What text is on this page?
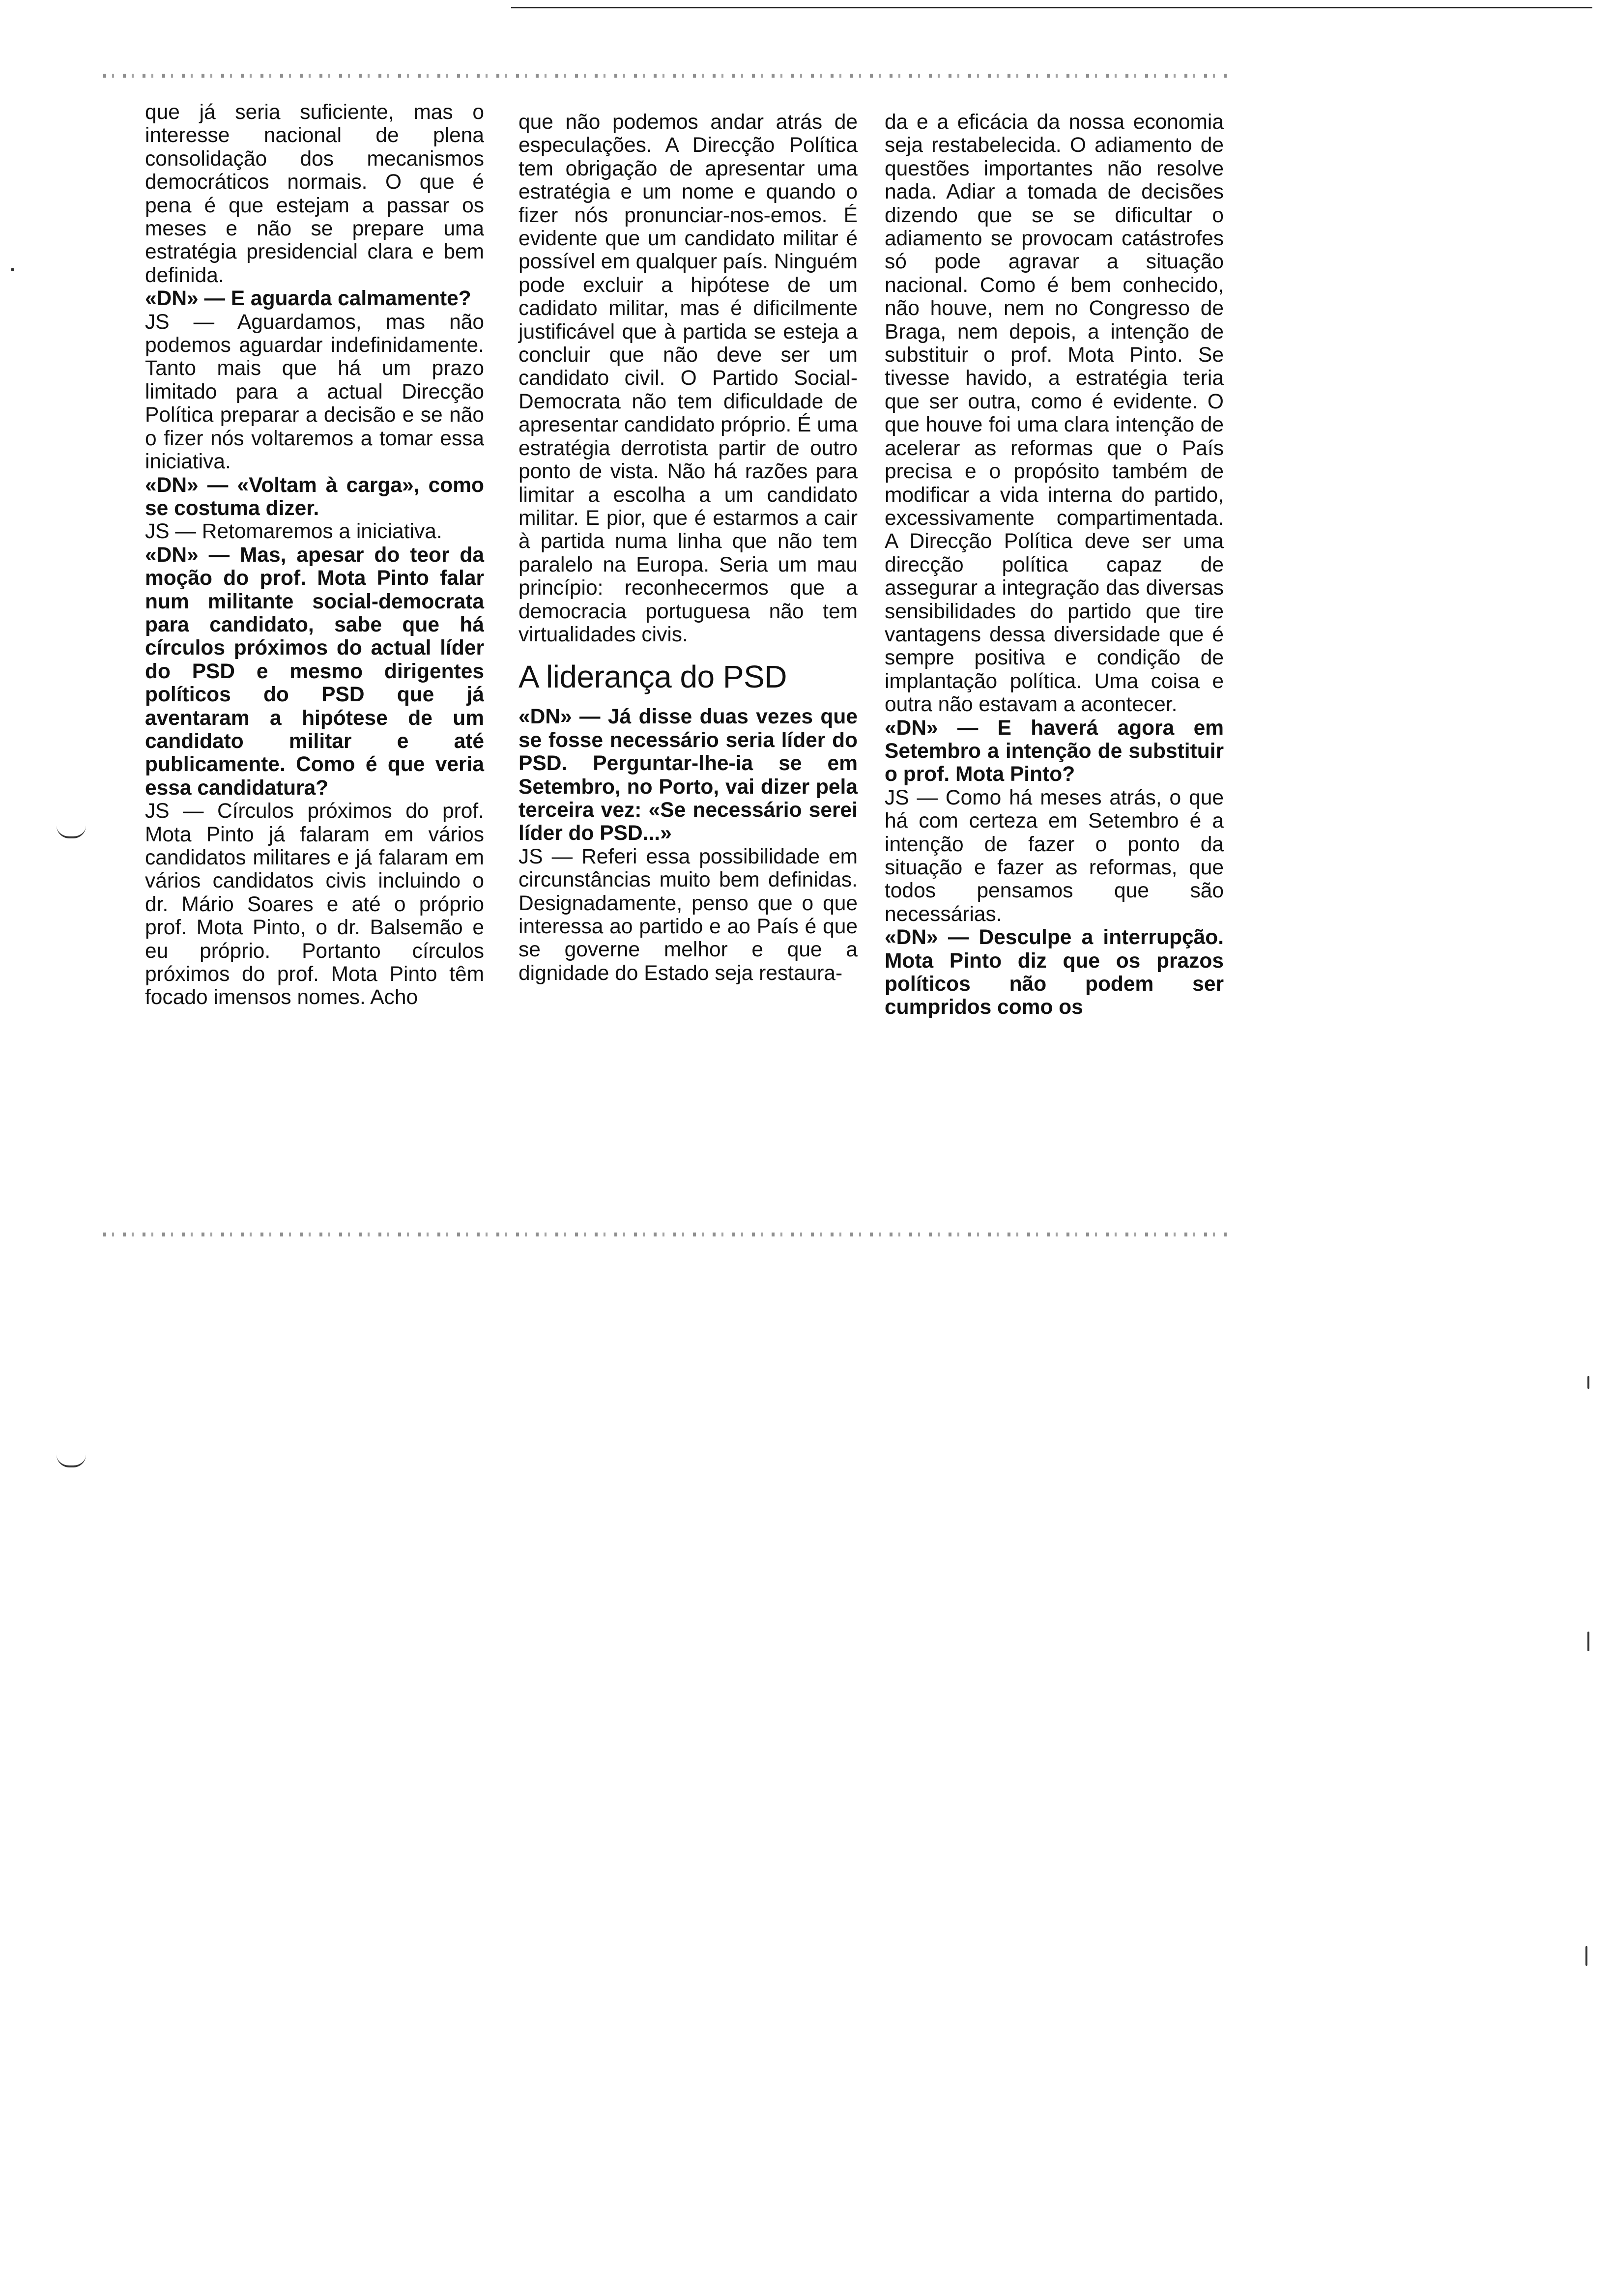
que já seria suficiente, mas o interesse nacional de plena consolidação dos mecanismos democráticos normais. O que é pena é que estejam a passar os meses e não se prepare uma estratégia presidencial clara e bem definida.

«DN» — E aguarda calmamente?

JS — Aguardamos, mas não podemos aguardar indefinidamente. Tanto mais que há um prazo limitado para a actual Direcção Política preparar a decisão e se não o fizer nós voltaremos a tomar essa iniciativa.

«DN» — «Voltam à carga», como se costuma dizer.

JS — Retomaremos a iniciativa.

«DN» — Mas, apesar do teor da moção do prof. Mota Pinto falar num militante social-democrata para candidato, sabe que há círculos próximos do actual líder do PSD e mesmo dirigentes políticos do PSD que já aventaram a hipótese de um candidato militar e até publicamente. Como é que veria essa candidatura?

JS — Círculos próximos do prof. Mota Pinto já falaram em vários candidatos militares e já falaram em vários candidatos civis incluindo o dr. Mário Soares e até o próprio prof. Mota Pinto, o dr. Balsemão e eu próprio. Portanto círculos próximos do prof. Mota Pinto têm focado imensos nomes. Acho

que não podemos andar atrás de especulações. A Direcção Política tem obrigação de apresentar uma estratégia e um nome e quando o fizer nós pronunciar-nos-emos. É evidente que um candidato militar é possível em qualquer país. Ninguém pode excluir a hipótese de um cadidato militar, mas é dificilmente justificável que à partida se esteja a concluir que não deve ser um candidato civil. O Partido Social-Democrata não tem dificuldade de apresentar candidato próprio. É uma estratégia derrotista partir de outro ponto de vista. Não há razões para limitar a escolha a um candidato militar. E pior, que é estarmos a cair à partida numa linha que não tem paralelo na Europa. Seria um mau princípio: reconhecermos que a democracia portuguesa não tem virtualidades civis.

A liderança do PSD

«DN» — Já disse duas vezes que se fosse necessário seria líder do PSD. Perguntar-lhe-ia se em Setembro, no Porto, vai dizer pela terceira vez: «Se necessário serei líder do PSD...»

JS — Referi essa possibilidade em circunstâncias muito bem definidas. Designadamente, penso que o que interessa ao partido e ao País é que se governe melhor e que a dignidade do Estado seja restaura-

da e a eficácia da nossa economia seja restabelecida. O adiamento de questões importantes não resolve nada. Adiar a tomada de decisões dizendo que se se dificultar o adiamento se provocam catástrofes só pode agravar a situação nacional. Como é bem conhecido, não houve, nem no Congresso de Braga, nem depois, a intenção de substituir o prof. Mota Pinto. Se tivesse havido, a estratégia teria que ser outra, como é evidente. O que houve foi uma clara intenção de acelerar as reformas que o País precisa e o propósito também de modificar a vida interna do partido, excessivamente compartimentada. A Direcção Política deve ser uma direcção política capaz de assegurar a integração das diversas sensibilidades do partido que tire vantagens dessa diversidade que é sempre positiva e condição de implantação política. Uma coisa e outra não estavam a acontecer.

«DN» — E haverá agora em Setembro a intenção de substituir o prof. Mota Pinto?

JS — Como há meses atrás, o que há com certeza em Setembro é a intenção de fazer o ponto da situação e fazer as reformas, que todos pensamos que são necessárias.

«DN» — Desculpe a interrupção. Mota Pinto diz que os prazos políticos não podem ser cumpridos como os
